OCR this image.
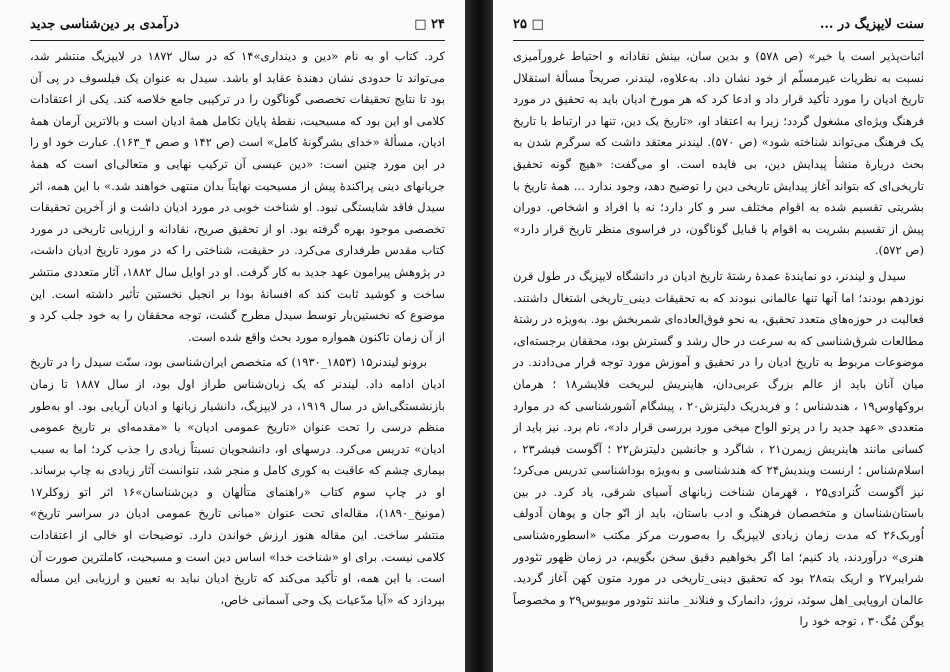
۲۴ □
درآمدی بر دین‌شناسی جدید

کرد. کتاب او به نام «دین و دینداری»۱۴ که در سال ۱۸۷۲ در لایپزیگ منتشر شد، می‌تواند تا حدودی نشان دهندهٔ عقاید او باشد. سیدل به عنوان یک فیلسوف در پی آن بود تا نتایج تحقیقات تخصصی گوناگون را در ترکیبی جامع خلاصه کند. یکی از اعتقادات کلامی او این بود که مسیحیت، نقطهٔ پایان تکامل همهٔ ادیان است و بالاترین آرمان همهٔ ادیان، مسألهٔ «خدای بشرگونهٔ کامل» است (ص ۱۴۲ و صص ۴_۱۶۳). عبارت خود او را در این مورد چنین است: «دین عیسی آن ترکیب نهایی و متعالی‌ای است که همهٔ جریانهای دینی پراکندهٔ پیش از مسیحیت نهایتاً بدان منتهی خواهند شد.» با این همه، اثر سیدل فاقد شایستگی نبود. او شناخت خوبی در مورد ادیان داشت و از آخرین تحقیقات تخصصی موجود بهره گرفته بود. او از تحقیق صریح، نقادانه و ارزیابی تاریخی در مورد کتاب مقدس طرفداری می‌کرد. در حقیقت، شناختی را که در مورد تاریخ ادیان داشت، در پژوهش پیرامون عهد جدید به کار گرفت. او در اوایل سال ۱۸۸۲، آثار متعددی منتشر ساخت و کوشید ثابت کند که افسانهٔ بودا بر انجیل نخستین تأثیر داشته است. این موضوع که نخستین‌بار توسط سیدل مطرح گشت، توجه محققان را به خود جلب کرد و از آن زمان تاکنون همواره مورد بحث واقع شده است.

برونو لیندنر۱۵ (۱۸۵۳_۱۹۳۰) که متخصص ایران‌شناسی بود، سنّت سیدل را در تاریخ ادیان ادامه داد. لیندنر که یک زبان‌شناس طراز اول بود، از سال ۱۸۸۷ تا زمان بازنشستگی‌اش در سال ۱۹۱۹، در لایپزیگ، دانشیار زبانها و ادیان آریایی بود. او به‌طور منظم درسی را تحت عنوان «تاریخ عمومی ادیان» با «مقدمه‌ای بر تاریخ عمومی ادیان» تدریس می‌کرد. درسهای او، دانشجویان نسبتاً زیادی را جذب کرد؛ اما به سبب بیماری چشم که عاقبت به کوری کامل و منجر شد، نتوانست آثار زیادی به چاپ برساند. او در چاپ سوم کتاب «راهنمای متألهان و دین‌شناسان»۱۶ اثر اتو زوکلر۱۷ (مونیخ_۱۸۹۰)، مقاله‌ای تحت عنوان «مبانی تاریخ عمومی ادیان در سراسر تاریخ» منتشر ساخت. این مقاله هنوز ارزش خواندن دارد. توضیحات او خالی از اعتقادات کلامی نیست. برای او «شناخت خدا» اساس دین است و مسیحیت، کاملترین صورت آن است. با این همه، او تأکید می‌کند که تاریخ ادیان نباید به تعیین و ارزیابی این مسأله بپردازد که «آیا مدّعیات یک وحی آسمانی خاص،

سنت لایپزیگ در ...
□ ۲۵

اثبات‌پذیر است یا خیر» (ص ۵۷۸) و بدین سان، بینش نقادانه و احتیاط غرورآمیزی نسبت به نظریات غیرمسلّم از خود نشان داد. به‌علاوه، لیندنر، صریحاً مسألهٔ استقلال تاریخ ادیان را مورد تأکید قرار داد و ادعا کرد که هر مورخ ادیان باید به تحقیق در مورد فرهنگ ویژه‌ای مشغول گردد؛ زیرا به اعتقاد او، «تاریخ یک دین، تنها در ارتباط با تاریخ یک فرهنگ می‌تواند شناخته شود» (ص ۵۷۰). لیندنر معتقد داشت که سرگرم شدن به بحث دربارهٔ منشأ پیدایش دین، بی فایده است. او می‌گفت: «هیچ گونه تحقیق تاریخی‌ای که بتواند آغاز پیدایش تاریخی دین را توضیح دهد، وجود ندارد ... همهٔ تاریخ با بشریتی تقسیم شده به اقوام مختلف سر و کار دارد؛ نه با افراد و اشخاص. دوران پیش از تقسیم بشریت به اقوام یا قبایل گوناگون، در فراسوی منظر تاریخ قرار دارد» (ص ۵۷۲).

سیدل و لیندنر، دو نمایندهٔ عمدهٔ رشتهٔ تاریخ ادیان در دانشگاه لایپزیگ در طول قرن نوزدهم بودند؛ اما آنها تنها عالمانی نبودند که به تحقیقات دینی_تاریخی اشتغال داشتند. فعالیت در حوزه‌های متعدد تحقیق، به نحو فوق‌العاده‌ای شمربخش بود. به‌ویژه در رشتهٔ مطالعات شرق‌شناسی که به سرعت در حال رشد و گسترش بود، محققان برجسته‌ای، موضوعات مربوط به تاریخ ادیان را در تحقیق و آموزش مورد توجه قرار می‌دادند. در میان آنان باید از عالم بزرگ عربی‌دان، هاینریش لبریخت فلایشر۱۸ ؛ هرمان بروکهاوس۱۹ ، هندشناس ؛ و فریدریک دلیتزش۲۰ ، پیشگام آشورشناسی که در موارد متعددی «عهد جدید را در پرتو الواح میخی مورد بررسی قرار داد»، نام برد. نیز باید از کسانی مانند هاینریش زیمرن۲۱ ، شاگرد و جانشین دلیتزش۲۲ ؛ آگوست فیشر۲۳ ، اسلام‌شناس ؛ ارنست ویندیش۲۴ که هندشناسی و به‌ویژه بوداشناسی تدریس می‌کرد؛ نیز آگوست کُنرادی۲۵ ، قهرمان شناخت زبانهای آسیای شرقی، یاد کرد. در بین باستان‌شناسان و متخصصان فرهنگ و ادب باستان، باید از اتّو جان و یوهان آدولف اُوربک۲۶ که مدت زمان زیادی لایپزیگ را به‌صورت مرکز مکتب «اسطوره‌شناسی هنری» درآوردند، یاد کنیم؛ اما اگر بخواهیم دقیق سخن بگوییم، در زمان ظهور تئودور شرایبر۲۷ و اریک بته۲۸ بود که تحقیق دینی_تاریخی در مورد متون کهن آغاز گردید. عالمان اروپایی_اهل سوئد، نروژ، دانمارک و فنلاند_ مانند تئودور موبیوس۲۹ و مخصوصاً یوگن مُگ۳۰ ، توجه خود را
